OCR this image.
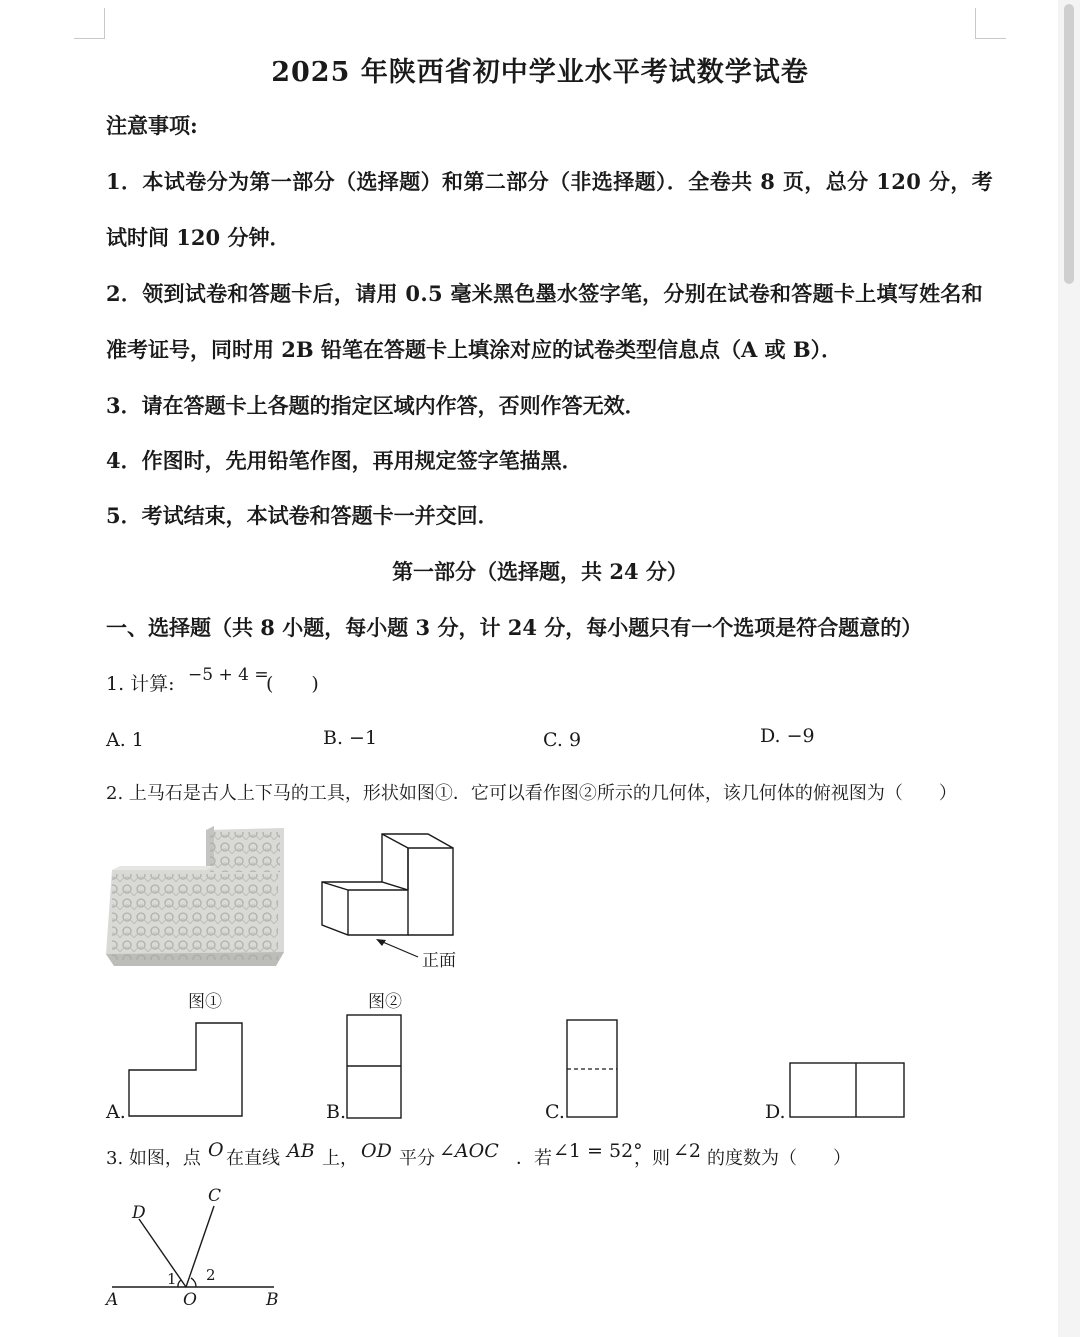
2025 年陕西省初中学业水平考试数学试卷
注意事项:
1．本试卷分为第一部分（选择题）和第二部分（非选择题）．全卷共 8 页，总分 120 分，考
试时间 120 分钟．
2．领到试卷和答题卡后，请用 0.5 毫米黑色墨水签字笔，分别在试卷和答题卡上填写姓名和
准考证号，同时用 2B 铅笔在答题卡上填涂对应的试卷类型信息点（A 或 B）．
3．请在答题卡上各题的指定区域内作答，否则作答无效．
4．作图时，先用铅笔作图，再用规定签字笔描黑．
5．考试结束，本试卷和答题卡一并交回．
第一部分（选择题，共 24 分）
一、选择题（共 8 小题，每小题 3 分，计 24 分，每小题只有一个选项是符合题意的）
1. 计算: −5 + 4 =
(　　)
A. 1	B. −1	C. 9	D. −9
2. 上马石是古人上下马的工具，形状如图①．它可以看作图②所示的几何体，该几何体的俯视图为（　　）
正面
图①	图②
A.	B.	C.	D.
3. 如图，点 O 在直线 AB 上， OD 平分 ∠AOC ．若 ∠1 = 52°
，则 ∠2 的度数为（　　）
A	O	B
C
D
1 2
